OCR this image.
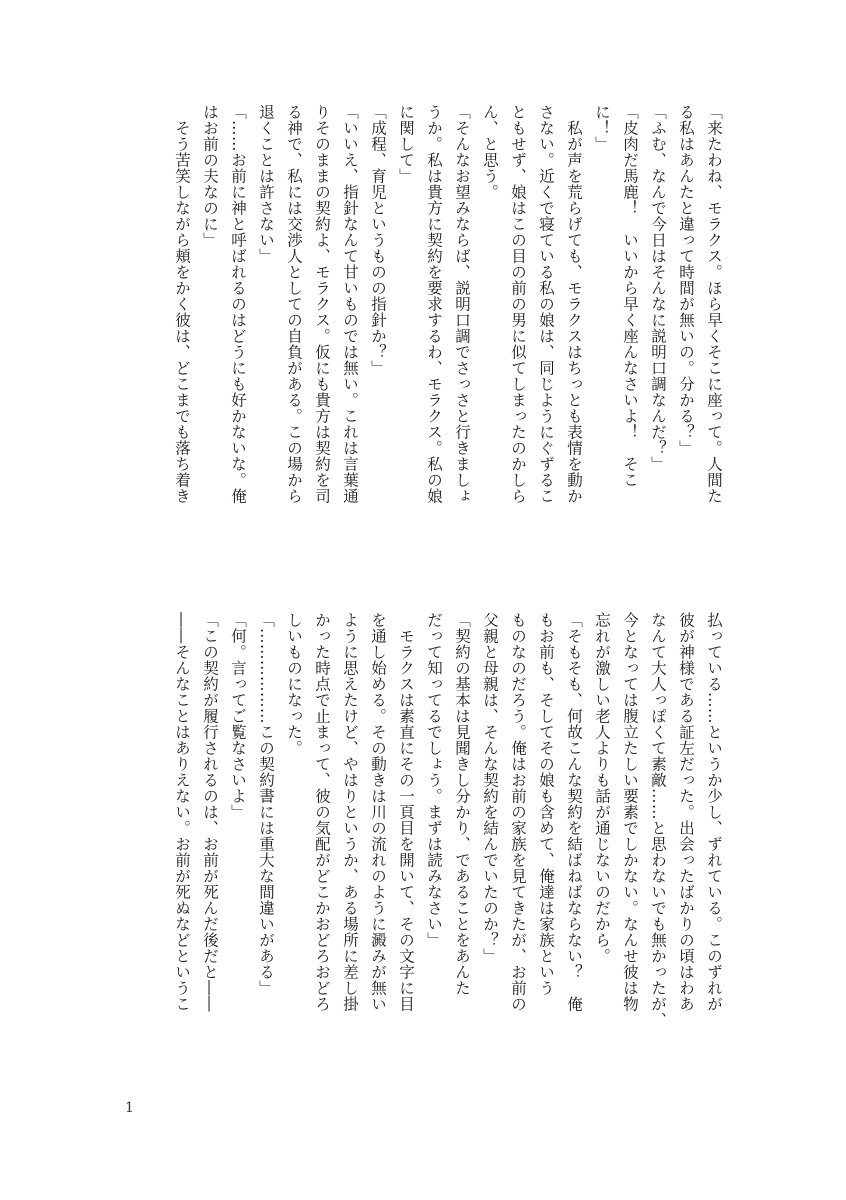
「来たわね、モラクス。ほら早くそこに座って。人間た
る私はあんたと違って時間が無いの。分かる？」
「ふむ、なんで今日はそんなに説明口調なんだ？」
「皮肉だ馬鹿！　いいから早く座んなさいよ！　そこ
に！」
　私が声を荒らげても、モラクスはちっとも表情を動か
さない。近くで寝ている私の娘は、同じようにぐずるこ
ともせず、娘はこの目の前の男に似てしまったのかしら
ん、と思う。
「そんなお望みならば、説明口調でさっさと行きましょ
うか。私は貴方に契約を要求するわ、モラクス。私の娘
に関して」
「成程、育児というものの指針か？」
「いいえ、指針なんて甘いものでは無い。これは言葉通
りそのままの契約よ、モラクス。仮にも貴方は契約を司
る神で、私には交渉人としての自負がある。この場から
退くことは許さない」
「……お前に神と呼ばれるのはどうにも好かないな。俺
はお前の夫なのに」
　そう苦笑しながら頬をかく彼は、どこまでも落ち着き
払っている……というか少し、ずれている。このずれが
彼が神様である証左だった。出会ったばかりの頃はわあ
なんて大人っぽくて素敵……と思わないでも無かったが、
今となっては腹立たしい要素でしかない。なんせ彼は物
忘れが激しい老人よりも話が通じないのだから。
「そもそも、何故こんな契約を結ばねばならない？　俺
もお前も、そしてその娘も含めて、俺達は家族という
ものなのだろう。俺はお前の家族を見てきたが、お前の
父親と母親は、そんな契約を結んでいたのか？」
「契約の基本は見聞きし分かり、であることをあんた
だって知ってるでしょう。まずは読みなさい」
　モラクスは素直にその一頁目を開いて、その文字に目
を通し始める。その動きは川の流れのように澱みが無い
ように思えたけど、やはりというか、ある場所に差し掛
かった時点で止まって、彼の気配がどこかおどろおどろ
しいものになった。
「………………この契約書には重大な間違いがある」
「何。言ってご覧なさいよ」
「この契約が履行されるのは、お前が死んだ後だと――
――そんなことはありえない。お前が死ぬなどというこ
1
